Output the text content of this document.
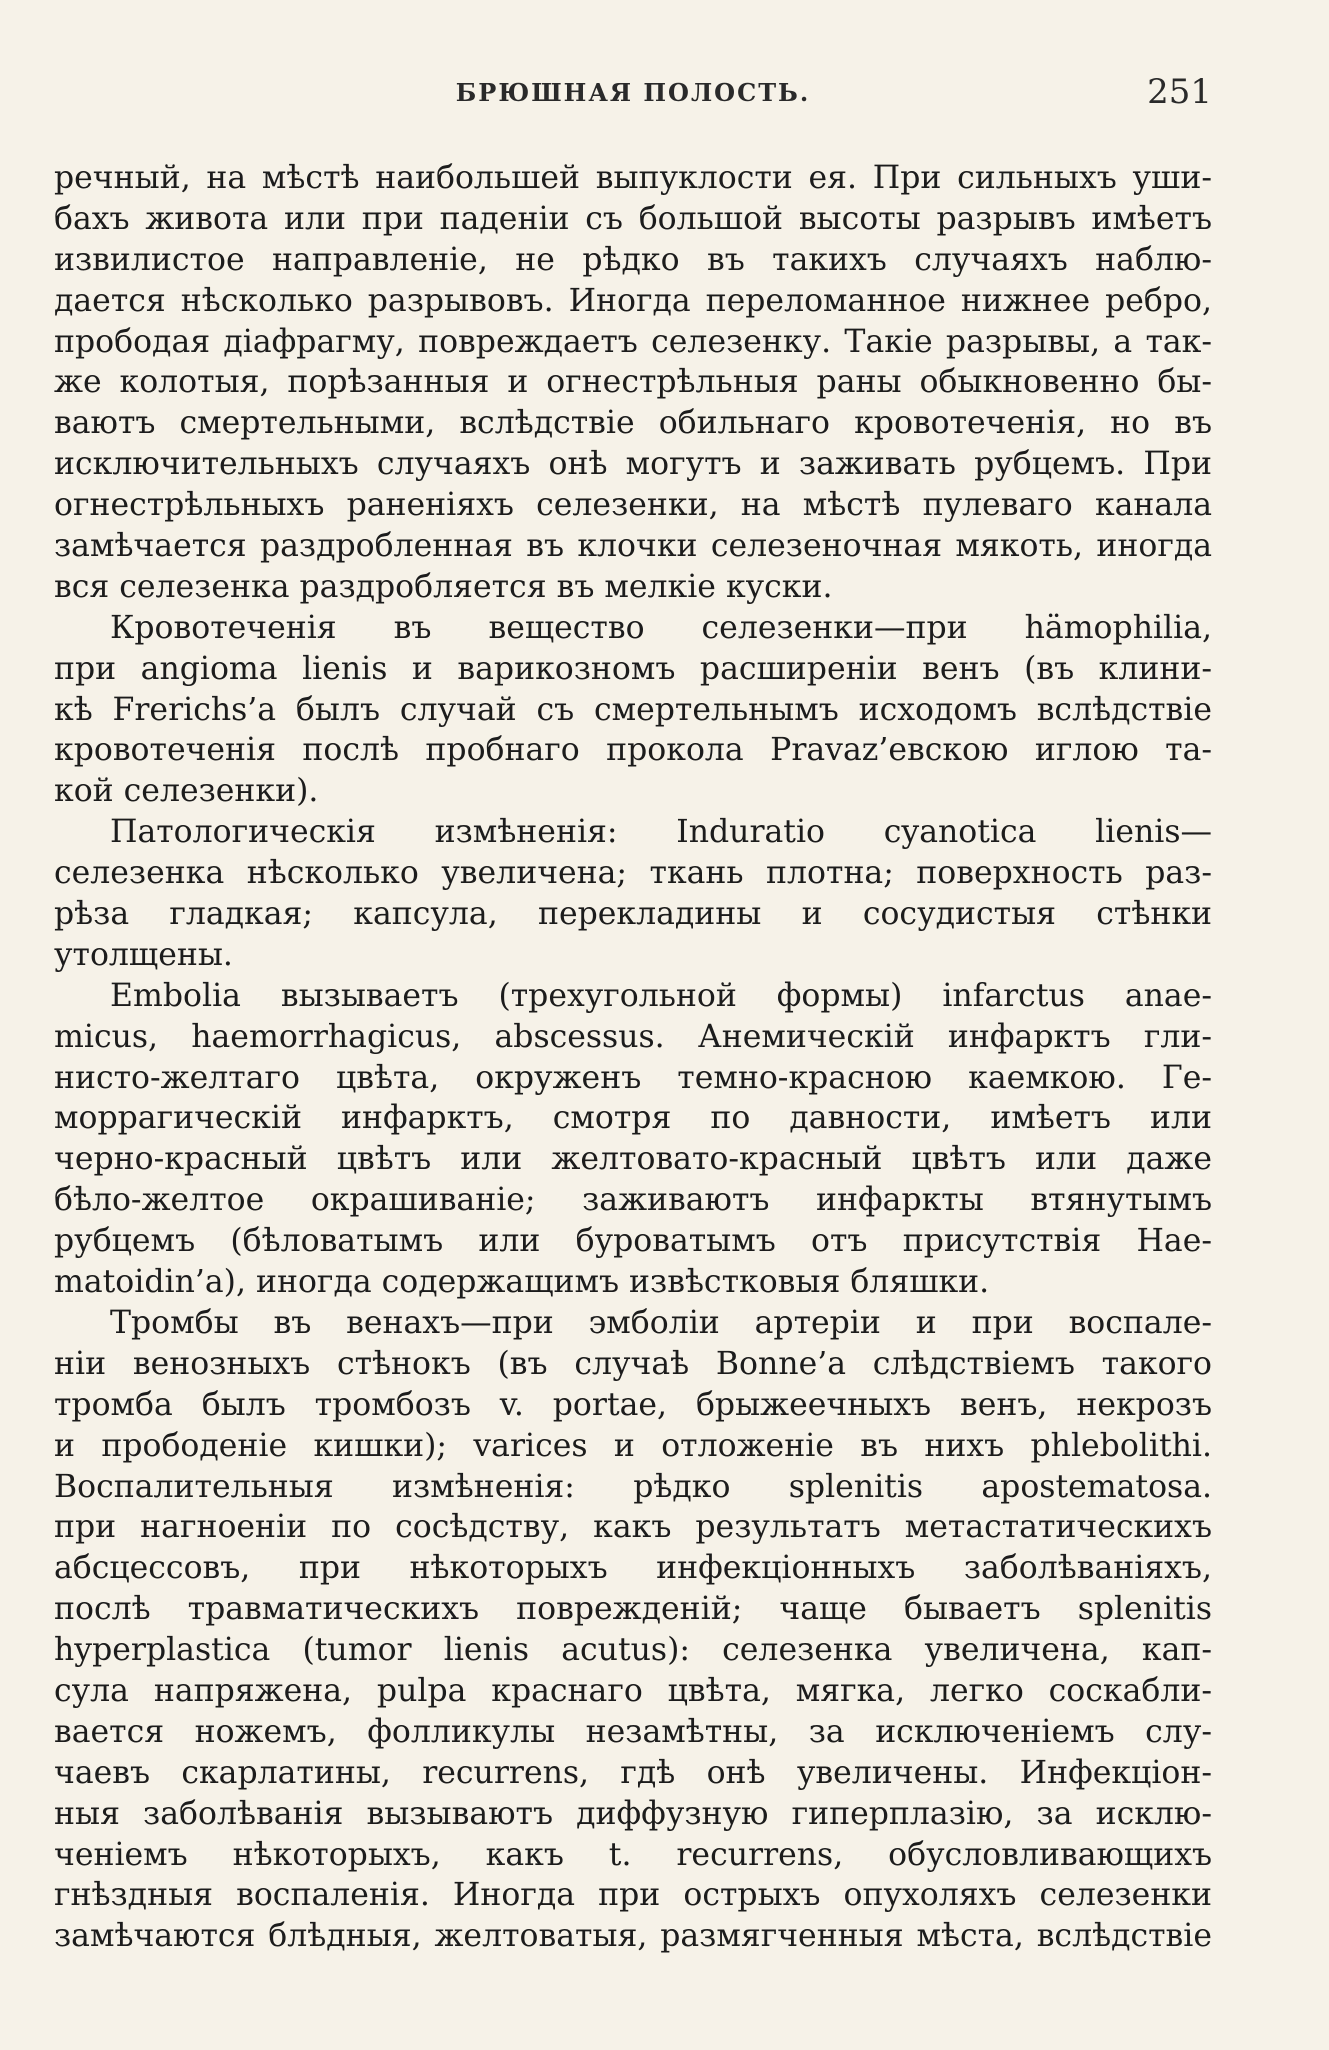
БРЮШНАЯ ПОЛОСТЬ.	251
речный, на мѣстѣ наибольшей выпуклости ея. При сильныхъ уши-
бахъ живота или при паденіи съ большой высоты разрывъ имѣетъ
извилистое направленіе, не рѣдко въ такихъ случаяхъ наблю-
дается нѣсколько разрывовъ. Иногда переломанное нижнее ребро,
прободая діафрагму, повреждаетъ селезенку. Такіе разрывы, а так-
же колотыя, порѣзанныя и огнестрѣльныя раны обыкновенно бы-
ваютъ смертельными, вслѣдствіе обильнаго кровотеченія, но въ
исключительныхъ случаяхъ онѣ могутъ и заживать рубцемъ. При
огнестрѣльныхъ раненіяхъ селезенки, на мѣстѣ пулеваго канала
замѣчается раздробленная въ клочки селезеночная мякоть, иногда
вся селезенка раздробляется въ мелкіе куски.
Кровотеченія въ вещество селезенки—при hämophilia,
при angioma lienis и варикозномъ расширеніи венъ (въ клини-
кѣ Frerichs’a былъ случай съ смертельнымъ исходомъ вслѣдствіе
кровотеченія послѣ пробнаго прокола Pravaz’евскою иглою та-
кой селезенки).
Патологическія измѣненія: Induratio cyanotica lienis—
селезенка нѣсколько увеличена; ткань плотна; поверхность раз-
рѣза гладкая; капсула, перекладины и сосудистыя стѣнки
утолщены.
Embolia вызываетъ (трехугольной формы) infarctus anae-
micus, haemorrhagicus, abscessus. Анемическій инфарктъ гли-
нисто-желтаго цвѣта, окруженъ темно-красною каемкою. Ге-
моррагическій инфарктъ, смотря по давности, имѣетъ или
черно-красный цвѣтъ или желтовато-красный цвѣтъ или даже
бѣло-желтое окрашиваніе; заживаютъ инфаркты втянутымъ
рубцемъ (бѣловатымъ или буроватымъ отъ присутствія Hae-
matoidin’а), иногда содержащимъ извѣстковыя бляшки.
Тромбы въ венахъ—при эмболіи артеріи и при воспале-
ніи венозныхъ стѣнокъ (въ случаѣ Bonne’a слѣдствіемъ такого
тромба былъ тромбозъ v. portae, брыжеечныхъ венъ, некрозъ
и прободеніе кишки); varices и отложеніе въ нихъ phlebolithi.
Воспалительныя измѣненія: рѣдко splenitis apostematosa.
при нагноеніи по сосѣдству, какъ результатъ метастатическихъ
абсцессовъ, при нѣкоторыхъ инфекціонныхъ заболѣваніяхъ,
послѣ травматическихъ поврежденій; чаще бываетъ splenitis
hyperplastica (tumor lienis acutus): селезенка увеличена, кап-
сула напряжена, pulpa краснаго цвѣта, мягка, легко соскабли-
вается ножемъ, фолликулы незамѣтны, за исключеніемъ слу-
чаевъ скарлатины, recurrens, гдѣ онѣ увеличены. Инфекціон-
ныя заболѣванія вызываютъ диффузную гиперплазію, за исклю-
ченіемъ нѣкоторыхъ, какъ t. recurrens, обусловливающихъ
гнѣздныя воспаленія. Иногда при острыхъ опухоляхъ селезенки
замѣчаются блѣдныя, желтоватыя, размягченныя мѣста, вслѣдствіе
